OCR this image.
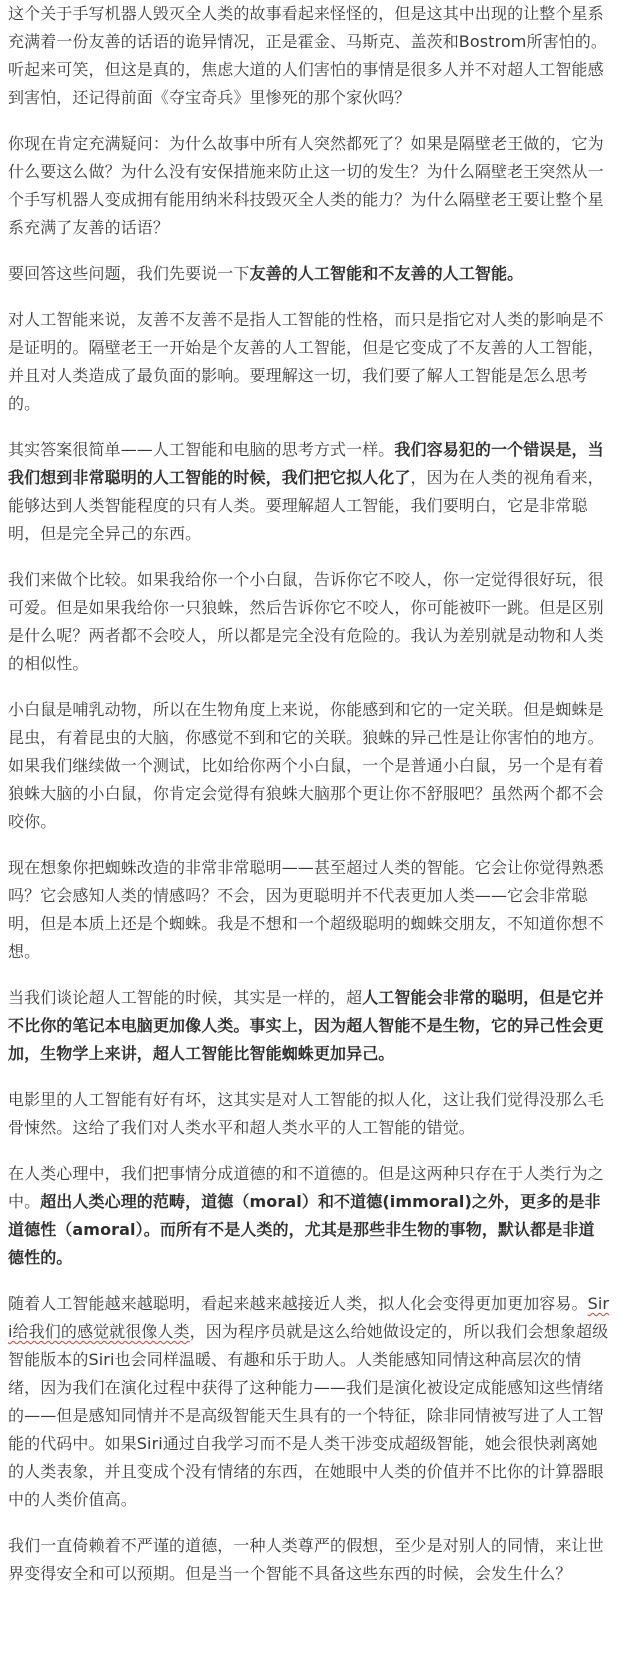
这个关于手写机器人毁灭全人类的故事看起来怪怪的，但是这其中出现的让整个星系充满着一份友善的话语的诡异情况，正是霍金、马斯克、盖茨和Bostrom所害怕的。听起来可笑，但这是真的，焦虑大道的人们害怕的事情是很多人并不对超人工智能感到害怕，还记得前面《夺宝奇兵》里惨死的那个家伙吗？

你现在肯定充满疑问：为什么故事中所有人突然都死了？如果是隔壁老王做的，它为什么要这么做？为什么没有安保措施来防止这一切的发生？为什么隔壁老王突然从一个手写机器人变成拥有能用纳米科技毁灭全人类的能力？为什么隔壁老王要让整个星系充满了友善的话语？

要回答这些问题，我们先要说一下友善的人工智能和不友善的人工智能。

对人工智能来说，友善不友善不是指人工智能的性格，而只是指它对人类的影响是不是证明的。隔壁老王一开始是个友善的人工智能，但是它变成了不友善的人工智能，并且对人类造成了最负面的影响。要理解这一切，我们要了解人工智能是怎么思考的。

其实答案很简单——人工智能和电脑的思考方式一样。我们容易犯的一个错误是，当我们想到非常聪明的人工智能的时候，我们把它拟人化了，因为在人类的视角看来，能够达到人类智能程度的只有人类。要理解超人工智能，我们要明白，它是非常聪明，但是完全异己的东西。

我们来做个比较。如果我给你一个小白鼠，告诉你它不咬人，你一定觉得很好玩，很可爱。但是如果我给你一只狼蛛，然后告诉你它不咬人，你可能被吓一跳。但是区别是什么呢？两者都不会咬人，所以都是完全没有危险的。我认为差别就是动物和人类的相似性。

小白鼠是哺乳动物，所以在生物角度上来说，你能感到和它的一定关联。但是蜘蛛是昆虫，有着昆虫的大脑，你感觉不到和它的关联。狼蛛的异己性是让你害怕的地方。如果我们继续做一个测试，比如给你两个小白鼠，一个是普通小白鼠，另一个是有着狼蛛大脑的小白鼠，你肯定会觉得有狼蛛大脑那个更让你不舒服吧？虽然两个都不会咬你。

现在想象你把蜘蛛改造的非常非常聪明——甚至超过人类的智能。它会让你觉得熟悉吗？它会感知人类的情感吗？不会，因为更聪明并不代表更加人类——它会非常聪明，但是本质上还是个蜘蛛。我是不想和一个超级聪明的蜘蛛交朋友，不知道你想不想。

当我们谈论超人工智能的时候，其实是一样的，超人工智能会非常的聪明，但是它并不比你的笔记本电脑更加像人类。事实上，因为超人智能不是生物，它的异己性会更加，生物学上来讲，超人工智能比智能蜘蛛更加异己。

电影里的人工智能有好有坏，这其实是对人工智能的拟人化，这让我们觉得没那么毛骨悚然。这给了我们对人类水平和超人类水平的人工智能的错觉。

在人类心理中，我们把事情分成道德的和不道德的。但是这两种只存在于人类行为之中。超出人类心理的范畴，道德（moral）和不道德(immoral)之外，更多的是非道德性（amoral）。而所有不是人类的，尤其是那些非生物的事物，默认都是非道德性的。

随着人工智能越来越聪明，看起来越来越接近人类，拟人化会变得更加更加容易。Siri给我们的感觉就很像人类，因为程序员就是这么给她做设定的，所以我们会想象超级智能版本的Siri也会同样温暖、有趣和乐于助人。人类能感知同情这种高层次的情绪，因为我们在演化过程中获得了这种能力——我们是演化被设定成能感知这些情绪的——但是感知同情并不是高级智能天生具有的一个特征，除非同情被写进了人工智能的代码中。如果Siri通过自我学习而不是人类干涉变成超级智能，她会很快剥离她的人类表象，并且变成个没有情绪的东西，在她眼中人类的价值并不比你的计算器眼中的人类价值高。

我们一直倚赖着不严谨的道德，一种人类尊严的假想，至少是对别人的同情，来让世界变得安全和可以预期。但是当一个智能不具备这些东西的时候，会发生什么？
